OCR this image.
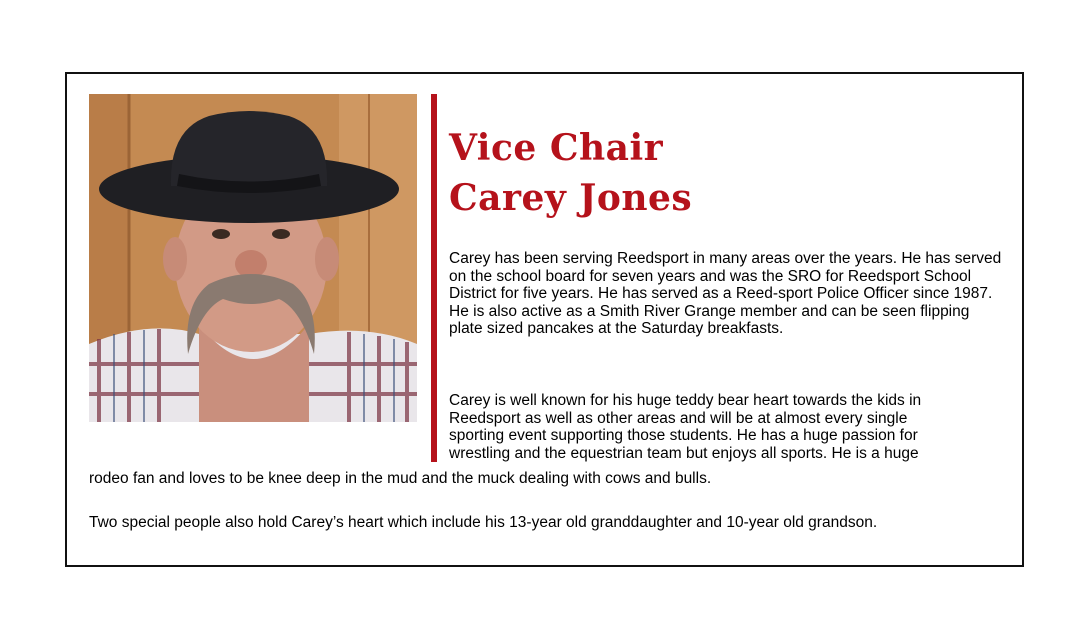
Vice Chair
Carey Jones

Carey has been serving Reedsport in many areas over the years. He has served on the school board for seven years and was the SRO for Reedsport School District for five years. He has served as a Reed-sport Police Officer since 1987. He is also active as a Smith River Grange member and can be seen flipping plate sized pancakes at the Saturday breakfasts.

Carey is well known for his huge teddy bear heart towards the kids in
Reedsport as well as other areas and will be at almost every single
sporting event supporting those students. He has a huge passion for
wrestling and the equestrian team but enjoys all sports. He is a huge

rodeo fan and loves to be knee deep in the mud and the muck dealing with cows and bulls.

Two special people also hold Carey’s heart which include his 13-year old granddaughter and 10-year old grandson.
